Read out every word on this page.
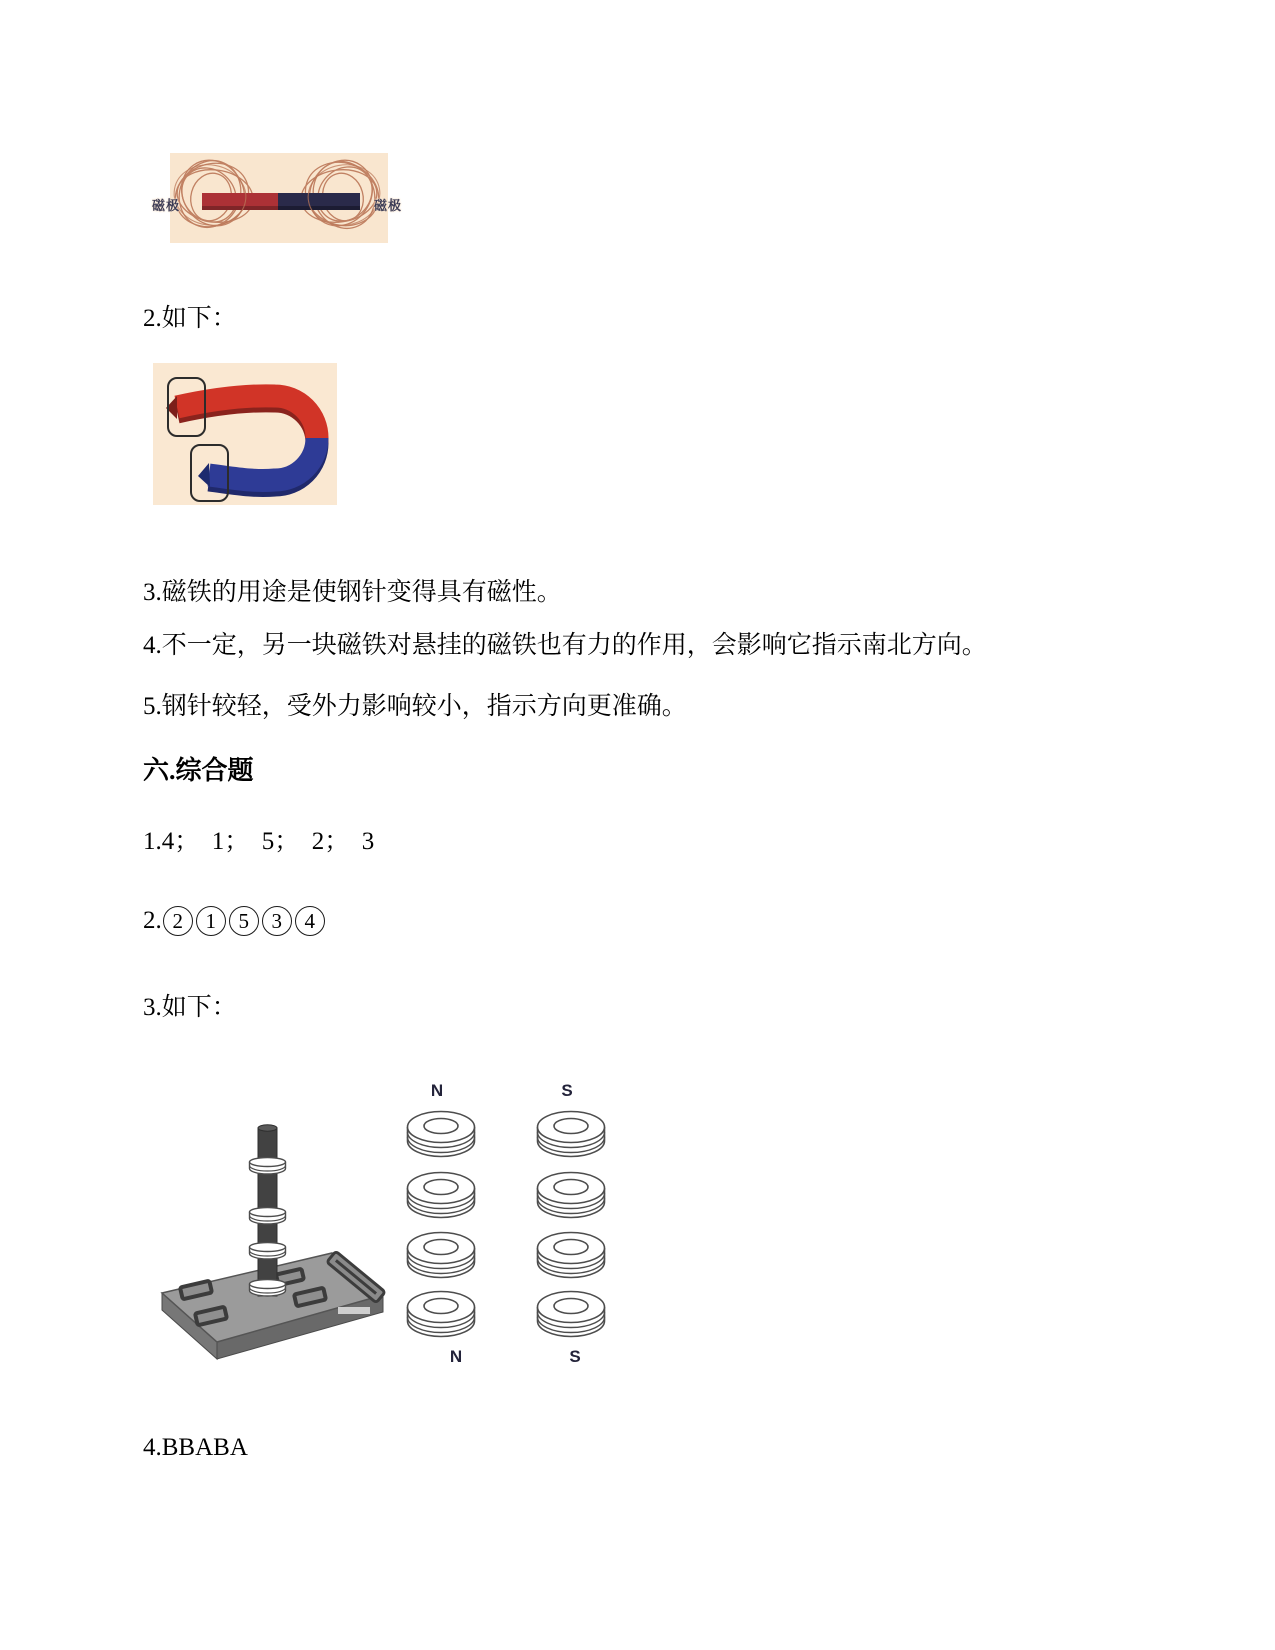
磁极	磁极
2.如下：
3.磁铁的用途是使钢针变得具有磁性。
4.不一定，另一块磁铁对悬挂的磁铁也有力的作用，会影响它指示南北方向。
5.钢针较轻，受外力影响较小，指示方向更准确。
六.综合题
1.4；  1；  5；  2；  3
2. 2	1	5	3	4
3.如下：
N	S
N	S
4.BBABA
